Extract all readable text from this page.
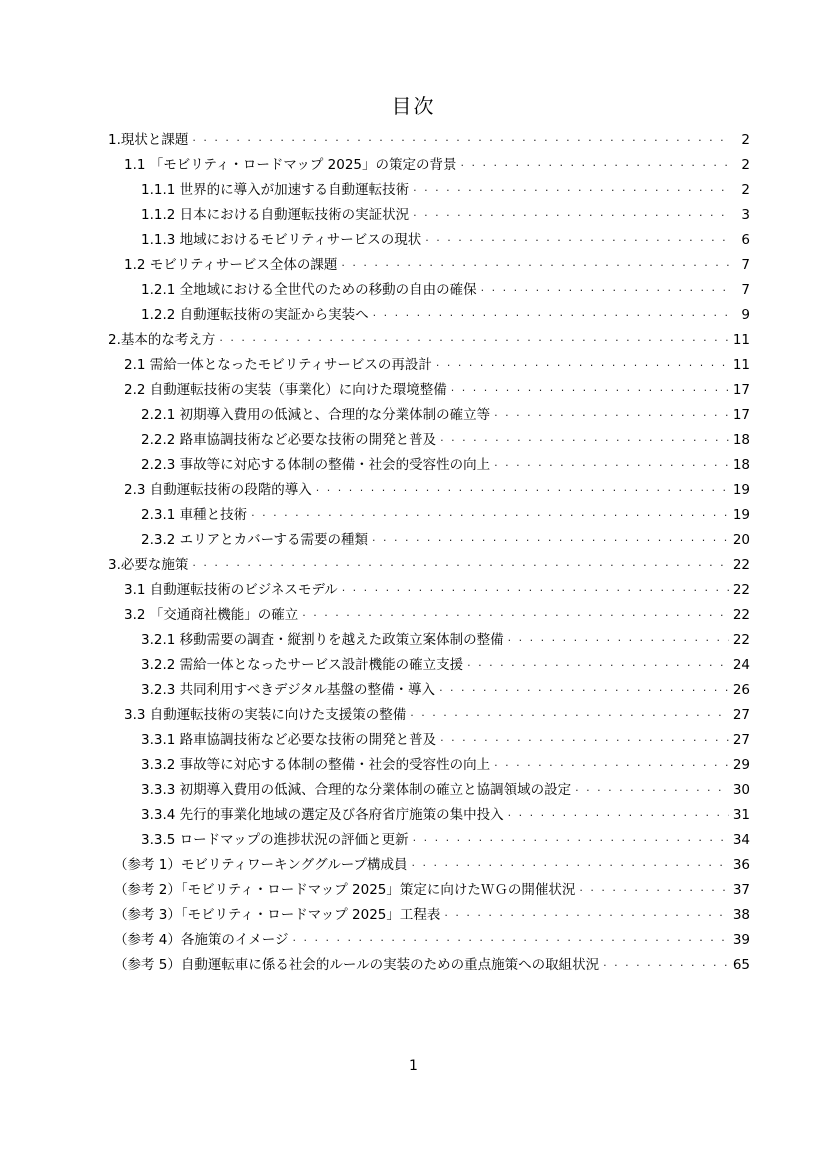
目次
1.現状と課題 . . .	2
1.1 「モビリティ・ロードマップ 2025」の策定の背景 . . .	2
1.1.1 世界的に導入が加速する自動運転技術 . . .	2
1.1.2 日本における自動運転技術の実証状況 . . .	3
1.1.3 地域におけるモビリティサービスの現状 . . .	6
1.2 モビリティサービス全体の課題 . . .	7
1.2.1 全地域における全世代のための移動の自由の確保 . . .	7
1.2.2 自動運転技術の実証から実装へ . . .	9
2.基本的な考え方 . . .	11
2.1 需給一体となったモビリティサービスの再設計 . . .	11
2.2 自動運転技術の実装（事業化）に向けた環境整備 . . .	17
2.2.1 初期導入費用の低減と、合理的な分業体制の確立等 . . .	17
2.2.2 路車協調技術など必要な技術の開発と普及 . . .	18
2.2.3 事故等に対応する体制の整備・社会的受容性の向上 . . .	18
2.3 自動運転技術の段階的導入 . . .	19
2.3.1 車種と技術 . . .	19
2.3.2 エリアとカバーする需要の種類 . . .	20
3.必要な施策 . . .	22
3.1 自動運転技術のビジネスモデル . . .	22
3.2 「交通商社機能」の確立 . . .	22
3.2.1 移動需要の調査・縦割りを越えた政策立案体制の整備 . . .	22
3.2.2 需給一体となったサービス設計機能の確立支援 . . .	24
3.2.3 共同利用すべきデジタル基盤の整備・導入 . . .	26
3.3 自動運転技術の実装に向けた支援策の整備 . . .	27
3.3.1 路車協調技術など必要な技術の開発と普及 . . .	27
3.3.2 事故等に対応する体制の整備・社会的受容性の向上 . . .	29
3.3.3 初期導入費用の低減、合理的な分業体制の確立と協調領域の設定 . . .	30
3.3.4 先行的事業化地域の選定及び各府省庁施策の集中投入 . . .	31
3.3.5 ロードマップの進捗状況の評価と更新 . . .	34
（参考 1）モビリティワーキンググループ構成員 . . .	36
（参考 2）「モビリティ・ロードマップ 2025」策定に向けたＷＧの開催状況 . . .	37
（参考 3）「モビリティ・ロードマップ 2025」工程表 . . .	38
（参考 4）各施策のイメージ . . .	39
（参考 5）自動運転車に係る社会的ルールの実装のための重点施策への取組状況 . . .	65
1
